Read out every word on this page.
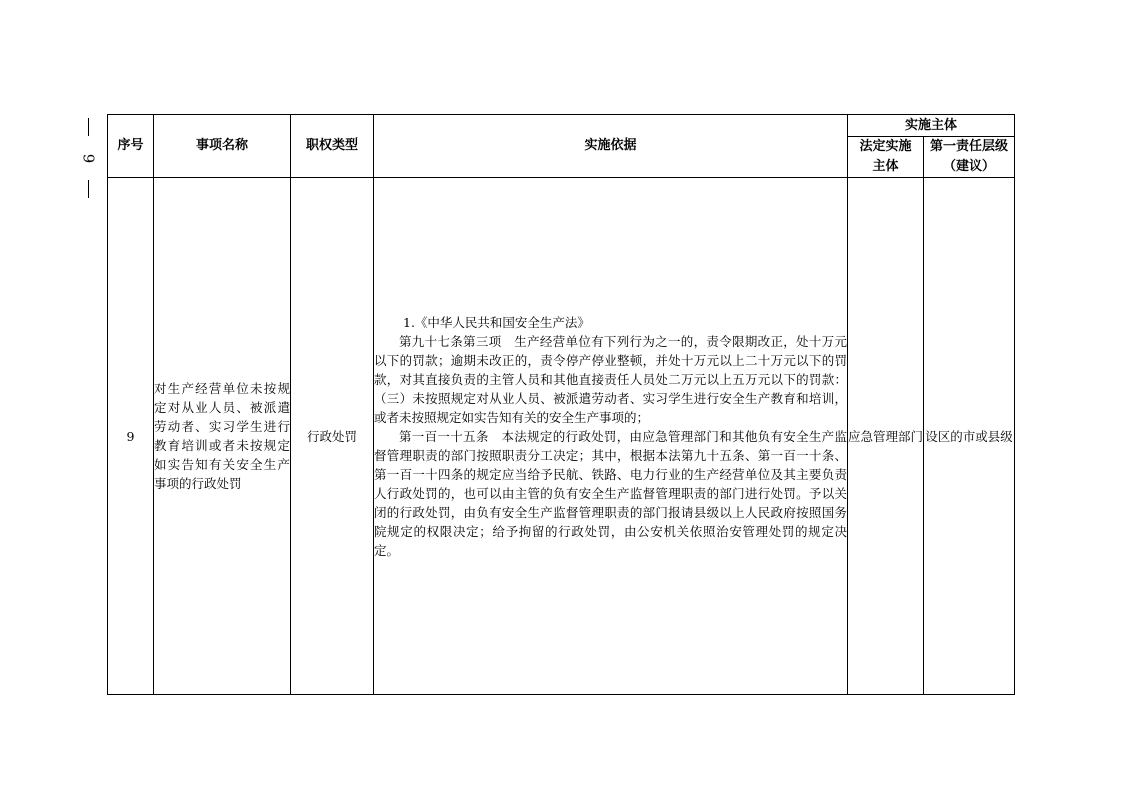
9
序号	事项名称	职权类型	实施依据	实施主体	
				法定实施主体	第一责任层级（建议）
9	对生产经营单位未按规定对从业人员、被派遣劳动者、实习学生进行教育培训或者未按规定如实告知有关安全生产事项的行政处罚	行政处罚	1.《中华人民共和国安全生产法》

第九十七条第三项　生产经营单位有下列行为之一的，责令限期改正，处十万元以下的罚款；逾期未改正的，责令停产停业整顿，并处十万元以上二十万元以下的罚款，对其直接负责的主管人员和其他直接责任人员处二万元以上五万元以下的罚款：（三）未按照规定对从业人员、被派遣劳动者、实习学生进行安全生产教育和培训，或者未按照规定如实告知有关的安全生产事项的；

第一百一十五条　本法规定的行政处罚，由应急管理部门和其他负有安全生产监督管理职责的部门按照职责分工决定；其中，根据本法第九十五条、第一百一十条、第一百一十四条的规定应当给予民航、铁路、电力行业的生产经营单位及其主要负责人行政处罚的，也可以由主管的负有安全生产监督管理职责的部门进行处罚。予以关闭的行政处罚，由负有安全生产监督管理职责的部门报请县级以上人民政府按照国务院规定的权限决定；给予拘留的行政处罚，由公安机关依照治安管理处罚的规定决定。	应急管理部门	设区的市或县级
